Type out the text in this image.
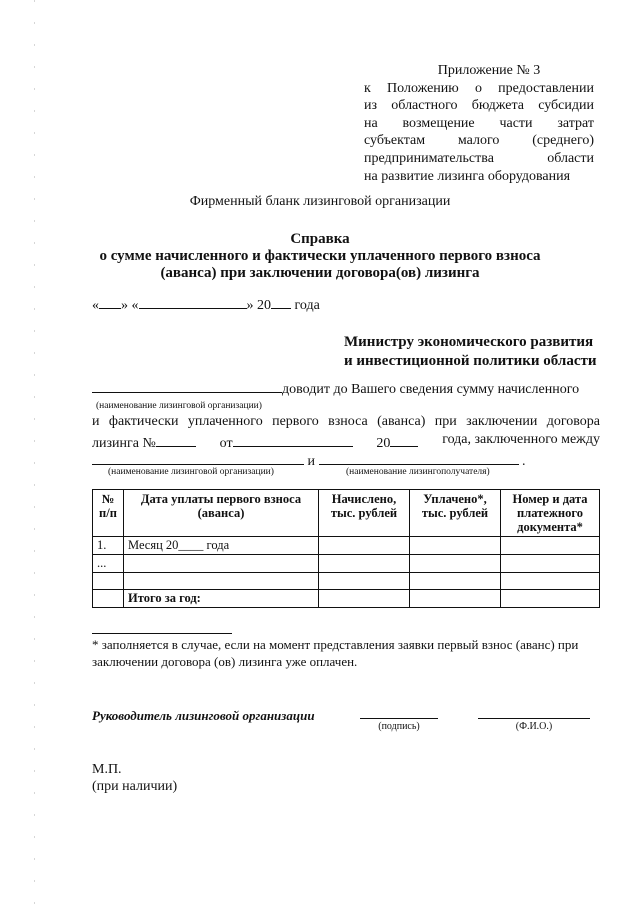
Приложение № 3
к Положению о предоставлении
из областного бюджета субсидии
на возмещение части затрат
субъектам малого (среднего)
предпринимательства области
на развитие лизинга оборудования
Фирменный бланк лизинговой организации
Справка
о сумме начисленного и фактически уплаченного первого взноса
(аванса) при заключении договора(ов) лизинга
« » «	» 20 года
Министру экономического развития
и инвестиционной политики области
доводит до Вашего сведения сумму начисленного
(наименование лизинговой организации)
и фактически уплаченного первого взноса (аванса) при заключении договора
лизинга №	от	20	года, заключенного между
и	.
(наименование лизинговой организации)	(наименование лизингополучателя)
№ п/п	Дата уплаты первого взноса (аванса)	Начислено, тыс. рублей	Уплачено*, тыс. рублей	Номер и дата платежного документа*
1.	Месяц 20____ года			
...				

	Итого за год:			
* заполняется в случае, если на момент представления заявки первый взнос (аванс) при заключении договора (ов) лизинга уже оплачен.
Руководитель лизинговой организации
(подпись)	(Ф.И.О.)
М.П.
(при наличии)
